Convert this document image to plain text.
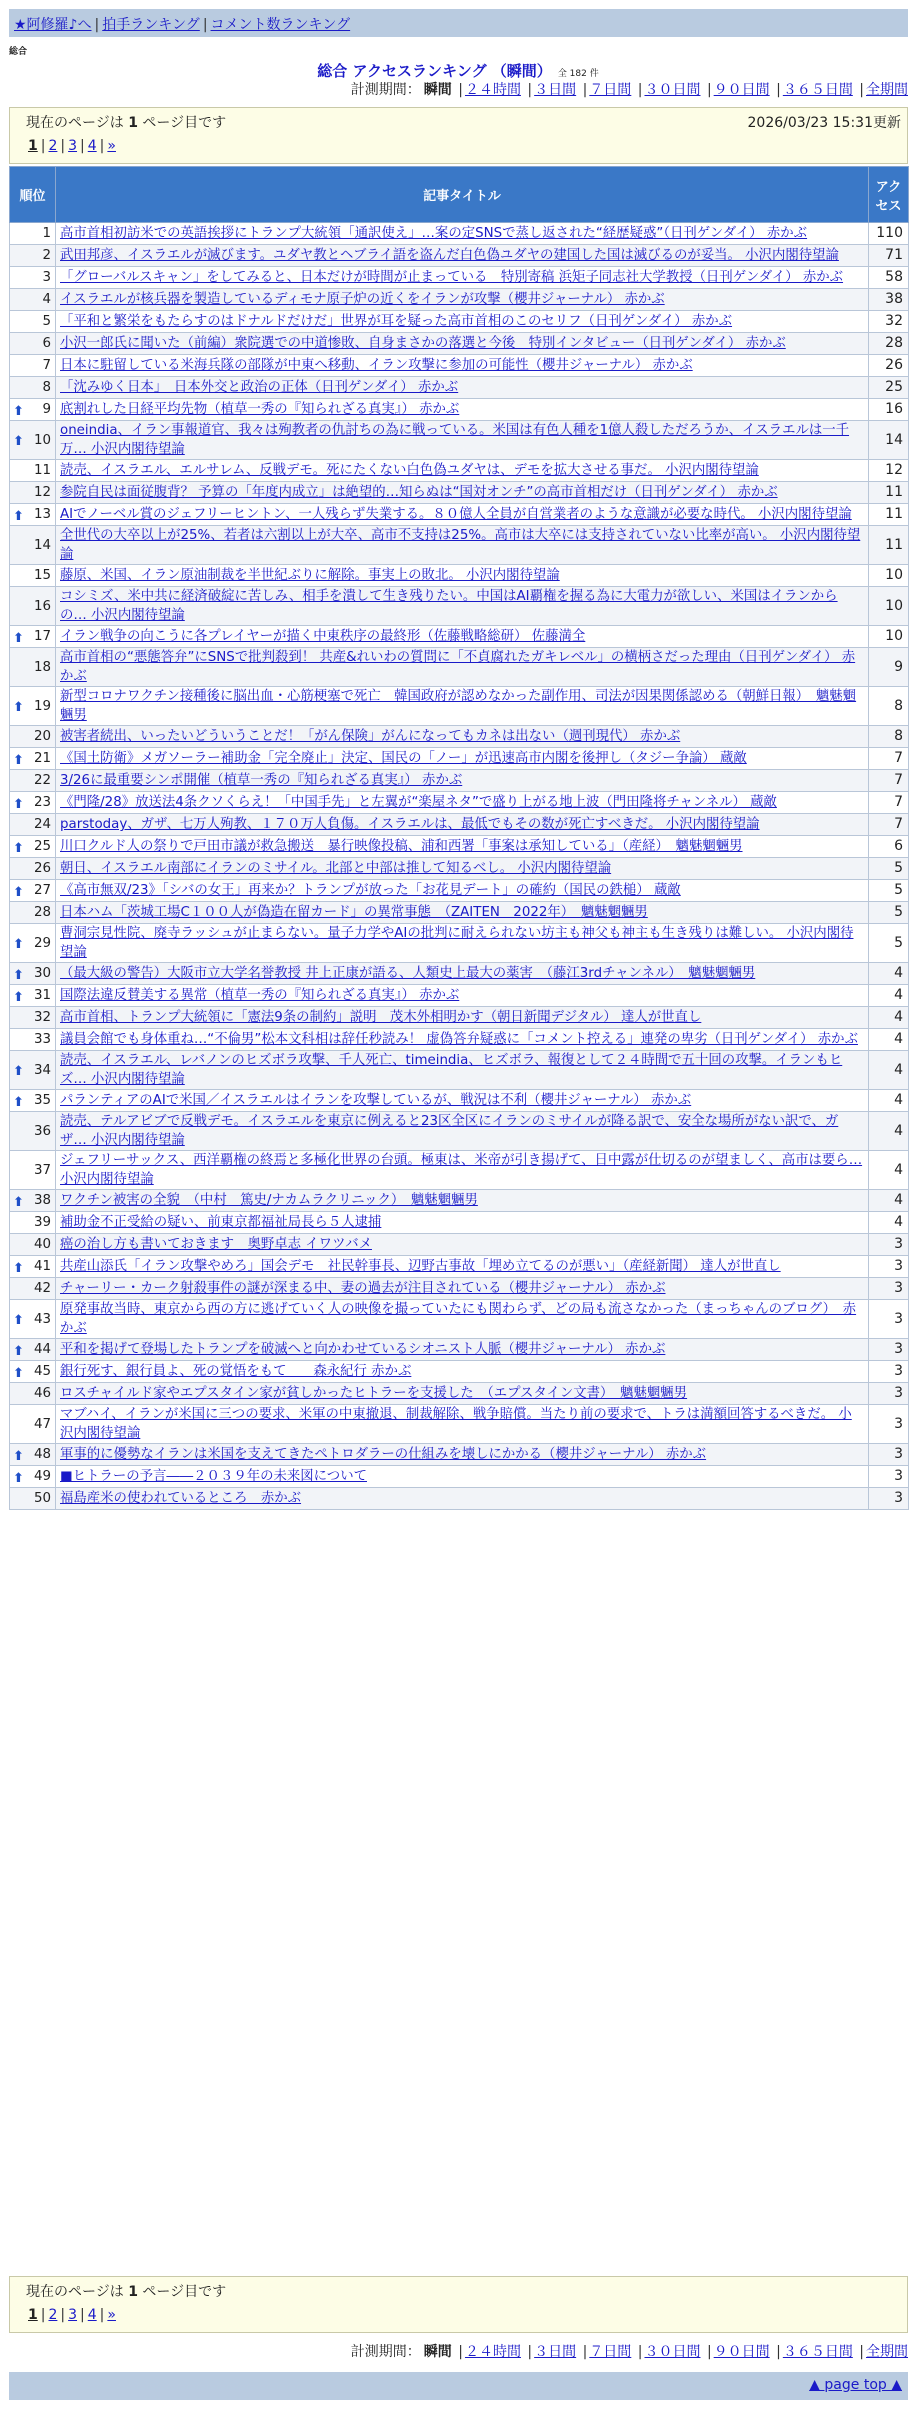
★阿修羅♪へ | 拍手ランキング | コメント数ランキング
総合
総合 アクセスランキング （瞬間） 全 182 件
計測期間： 瞬間 | ２４時間 | ３日間 | ７日間 | ３０日間 | ９０日間 | ３６５日間 | 全期間
現在のページは 1 ページ目です	2026/03/23 15:31更新
1 | 2 | 3 | 4 | »
順位	記事タイトル	アクセス
1	高市首相初訪米での英語挨拶にトランプ大統領「通訳使え」…案の定SNSで蒸し返された“経歴疑惑”（日刊ゲンダイ） 赤かぶ	110
2	武田邦彦、イスラエルが滅びます。ユダヤ教とヘブライ語を盗んだ白色偽ユダヤの建国した国は滅びるのが妥当。 小沢内閣待望論	71
3	「グローバルスキャン」をしてみると、日本だけが時間が止まっている　特別寄稿 浜矩子同志社大学教授（日刊ゲンダイ） 赤かぶ	58
4	イスラエルが核兵器を製造しているディモナ原子炉の近くをイランが攻撃（櫻井ジャーナル） 赤かぶ	38
5	「平和と繁栄をもたらすのはドナルドだけだ」世界が耳を疑った高市首相のこのセリフ（日刊ゲンダイ） 赤かぶ	32
6	小沢一郎氏に聞いた（前編）衆院選での中道惨敗、自身まさかの落選と今後　特別インタビュー（日刊ゲンダイ） 赤かぶ	28
7	日本に駐留している米海兵隊の部隊が中東へ移動、イラン攻撃に参加の可能性（櫻井ジャーナル） 赤かぶ	26
8	「沈みゆく日本」　日本外交と政治の正体（日刊ゲンダイ） 赤かぶ	25

⬆ 9	底割れした日経平均先物（植草一秀の『知られざる真実』） 赤かぶ	16

⬆ 10	oneindia、イラン事報道官、我々は殉教者の仇討ちの為に戦っている。米国は有色人種を1億人殺しただろうか、イスラエルは一千万… 小沢内閣待望論	14
11	読売、イスラエル、エルサレム、反戦デモ。死にたくない白色偽ユダヤは、デモを拡大させる事だ。 小沢内閣待望論	12
12	参院自民は面従腹背？ 予算の「年度内成立」は絶望的…知らぬは“国対オンチ”の高市首相だけ（日刊ゲンダイ） 赤かぶ	11

⬆ 13	AIでノーベル賞のジェフリーヒントン、一人残らず失業する。８０億人全員が自営業者のような意識が必要な時代。 小沢内閣待望論	11
14	全世代の大卒以上が25%、若者は六割以上が大卒、高市不支持は25%。高市は大卒には支持されていない比率が高い。 小沢内閣待望論	11
15	藤原、米国、イラン原油制裁を半世紀ぶりに解除。事実上の敗北。 小沢内閣待望論	10
16	コシミズ、米中共に経済破綻に苦しみ、相手を潰して生き残りたい。中国はAI覇権を握る為に大電力が欲しい、米国はイランからの… 小沢内閣待望論	10

⬆ 17	イラン戦争の向こうに各プレイヤーが描く中東秩序の最終形（佐藤戦略総研） 佐藤満全	10
18	高市首相の“悪態答弁”にSNSで批判殺到！ 共産&れいわの質問に「不貞腐れたガキレベル」の横柄さだった理由（日刊ゲンダイ） 赤かぶ	9

⬆ 19	新型コロナワクチン接種後に脳出血・心筋梗塞で死亡　韓国政府が認めなかった副作用、司法が因果関係認める（朝鮮日報）　魑魅魍魎男	8
20	被害者続出、いったいどういうことだ！「がん保険」がんになってもカネは出ない（週刊現代） 赤かぶ	8

⬆ 21	《国土防衛》メガソーラー補助金「完全廃止」決定、国民の「ノー」が迅速高市内閣を後押し（タジー争論） 蔵敵	7
22	3/26に最重要シンポ開催（植草一秀の『知られざる真実』） 赤かぶ	7

⬆ 23	《門隆/28》放送法4条クソくらえ！「中国手先」と左翼が“楽屋ネタ”で盛り上がる地上波（門田隆将チャンネル） 蔵敵	7
24	parstoday、ガザ、七万人殉教、１７０万人負傷。イスラエルは、最低でもその数が死亡すべきだ。 小沢内閣待望論	7

⬆ 25	川口クルド人の祭りで戸田市議が救急搬送　暴行映像投稿、浦和西署「事案は承知している」（産経）　魑魅魍魎男	6
26	朝日、イスラエル南部にイランのミサイル。北部と中部は推して知るべし。 小沢内閣待望論	5

⬆ 27	《高市無双/23》「シバの女王」再来か？トランプが放った「お花見デート」の確約（国民の鉄槌） 蔵敵	5
28	日本ハム「茨城工場C１００人が偽造在留カード」の異常事態　（ZAITEN　2022年）　魑魅魍魎男	5

⬆ 29	曹洞宗見性院、廃寺ラッシュが止まらない。量子力学やAIの批判に耐えられない坊主も神父も神主も生き残りは難しい。 小沢内閣待望論	5

⬆ 30	（最大級の警告）大阪市立大学名誉教授 井上正康が語る、人類史上最大の薬害　（藤江3rdチャンネル）　魑魅魍魎男	4

⬆ 31	国際法違反賛美する異常（植草一秀の『知られざる真実』） 赤かぶ	4
32	高市首相、トランプ大統領に「憲法9条の制約」説明　茂木外相明かす（朝日新聞デジタル） 達人が世直し	4
33	議員会館でも身体重ね…“不倫男”松本文科相は辞任秒読み！ 虚偽答弁疑惑に「コメント控える」連発の卑劣（日刊ゲンダイ） 赤かぶ	4

⬆ 34	読売、イスラエル、レバノンのヒズボラ攻撃、千人死亡、timeindia、ヒズボラ、報復として２４時間で五十回の攻撃。イランもヒズ… 小沢内閣待望論	4

⬆ 35	パランティアのAIで米国／イスラエルはイランを攻撃しているが、戦況は不利（櫻井ジャーナル） 赤かぶ	4
36	読売、テルアビブで反戦デモ。イスラエルを東京に例えると23区全区にイランのミサイルが降る訳で、安全な場所がない訳で、ガザ… 小沢内閣待望論	4
37	ジェフリーサックス、西洋覇権の終焉と多極化世界の台頭。極東は、米帝が引き揚げて、日中露が仕切るのが望ましく、高市は要ら… 小沢内閣待望論	4

⬆ 38	ワクチン被害の全貌　（中村　篤史/ナカムラクリニック）　魑魅魍魎男	4
39	補助金不正受給の疑い、前東京都福祉局長ら５人逮捕	4
40	癌の治し方も書いておきます　奥野卓志 イワツバメ	3

⬆ 41	共産山添氏「イラン攻撃やめろ」国会デモ　社民幹事長、辺野古事故「埋め立てるのが悪い」（産経新聞） 達人が世直し	3
42	チャーリー・カーク射殺事件の謎が深まる中、妻の過去が注目されている（櫻井ジャーナル） 赤かぶ	3

⬆ 43	原発事故当時、東京から西の方に逃げていく人の映像を撮っていたにも関わらず、どの局も流さなかった（まっちゃんのブログ）　赤かぶ	3

⬆ 44	平和を掲げて登場したトランプを破滅へと向かわせているシオニスト人脈（櫻井ジャーナル） 赤かぶ	3

⬆ 45	銀行死す、銀行員よ、死の覚悟をもて　　森永紀行 赤かぶ	3
46	ロスチャイルド家やエプスタイン家が貧しかったヒトラーを支援した　（エプスタイン文書）　魑魅魍魎男	3
47	マブハイ、イランが米国に三つの要求、米軍の中東撤退、制裁解除、戦争賠償。当たり前の要求で、トラは満額回答するべきだ。 小沢内閣待望論	3

⬆ 48	軍事的に優勢なイランは米国を支えてきたペトロダラーの仕組みを壊しにかかる（櫻井ジャーナル） 赤かぶ	3

⬆ 49	■ヒトラーの予言――２０３９年の未来図について	3
50	福島産米の使われているところ　赤かぶ	3
現在のページは 1 ページ目です
1 | 2 | 3 | 4 | »
計測期間： 瞬間 | ２４時間 | ３日間 | ７日間 | ３０日間 | ９０日間 | ３６５日間 | 全期間
▲ page top ▲
